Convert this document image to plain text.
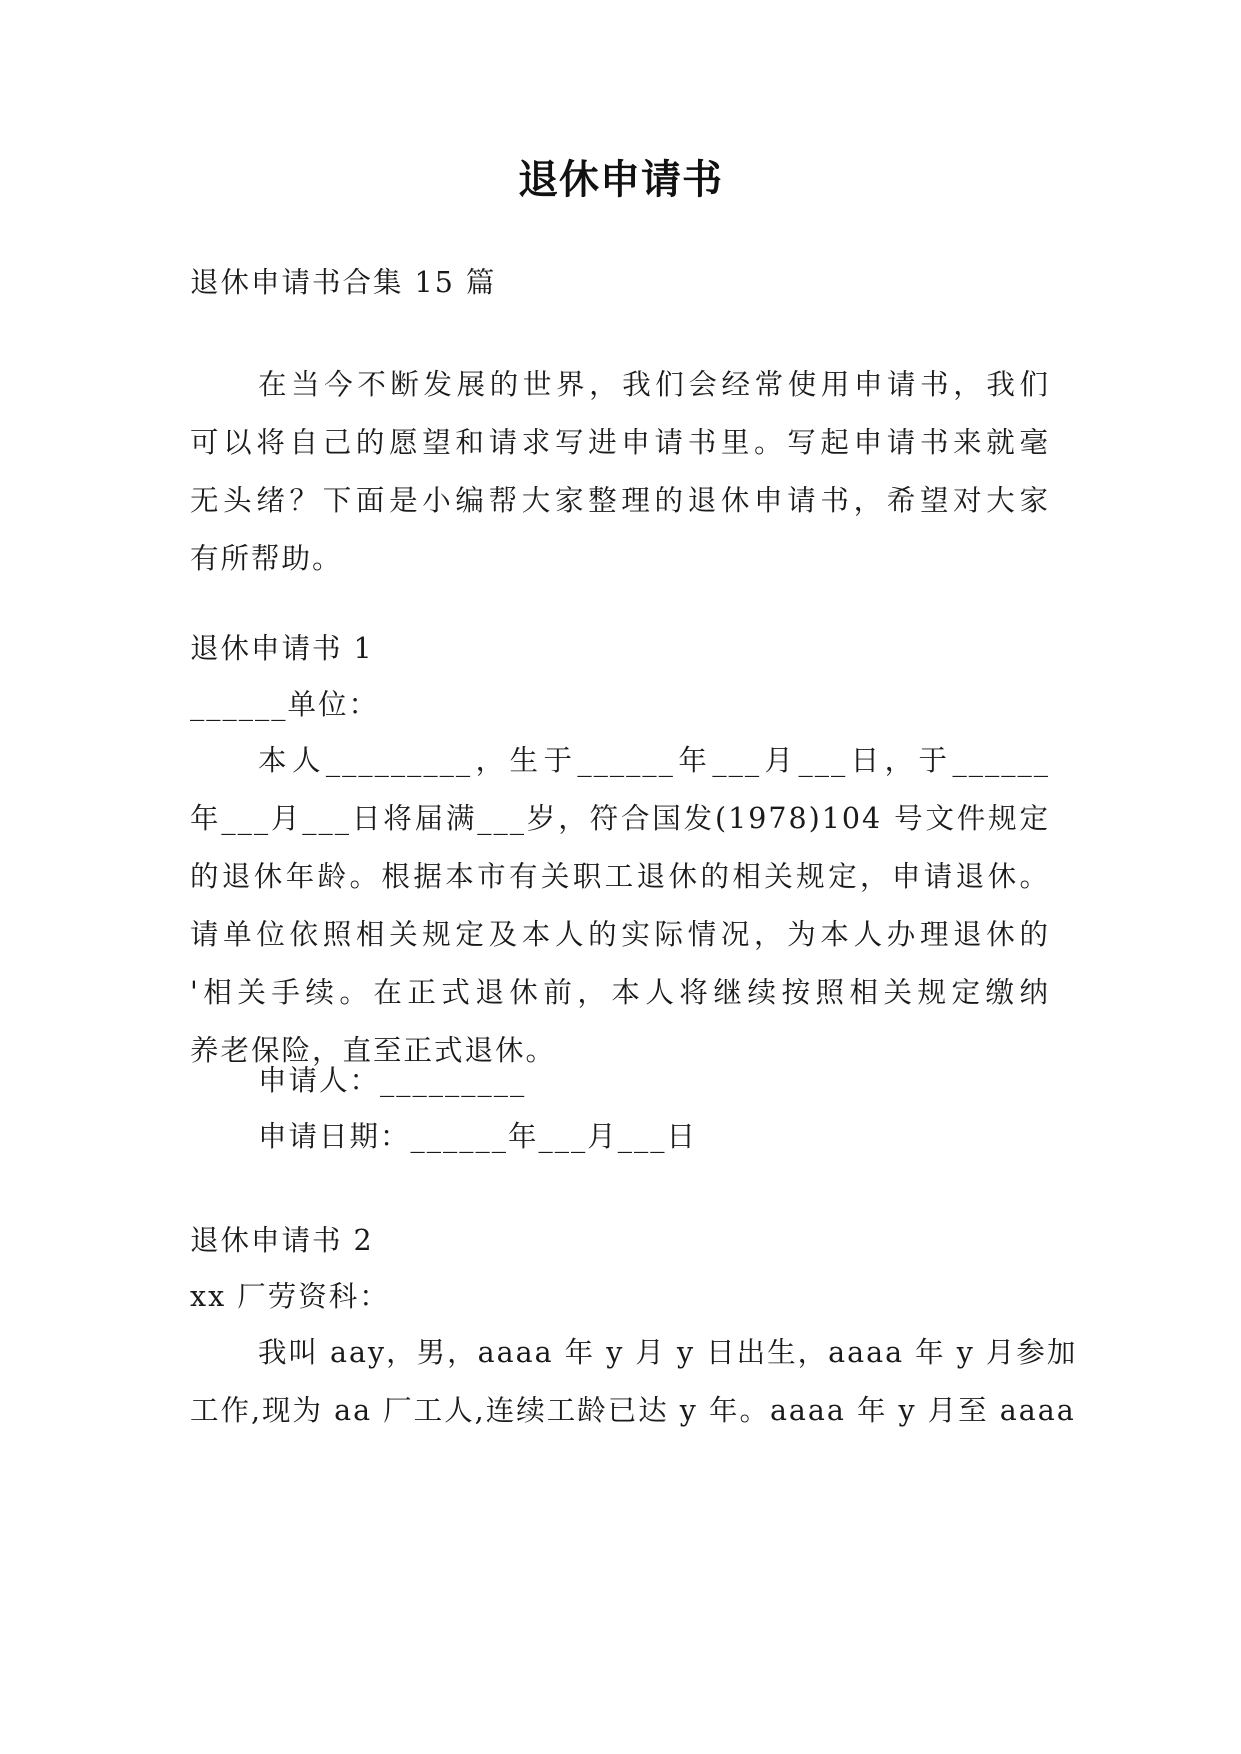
退休申请书
退休申请书合集 15 篇
在当今不断发展的世界，我们会经常使用申请书，我们
可以将自己的愿望和请求写进申请书里。写起申请书来就毫
无头绪？下面是小编帮大家整理的退休申请书，希望对大家
有所帮助。
退休申请书 1
______单位：
本人_________，生于______年___月___日，于______
年___月___日将届满___岁，符合国发(1978)104 号文件规定
的退休年龄。根据本市有关职工退休的相关规定，申请退休。
请单位依照相关规定及本人的实际情况，为本人办理退休的
'相关手续。在正式退休前，本人将继续按照相关规定缴纳
养老保险，直至正式退休。
申请人：_________
申请日期：______年___月___日
退休申请书 2
xx 厂劳资科：
我叫 aay，男，aaaa 年 y 月 y 日出生，aaaa 年 y 月参加
工作,现为 aa 厂工人,连续工龄已达 y 年。aaaa 年 y 月至 aaaa
